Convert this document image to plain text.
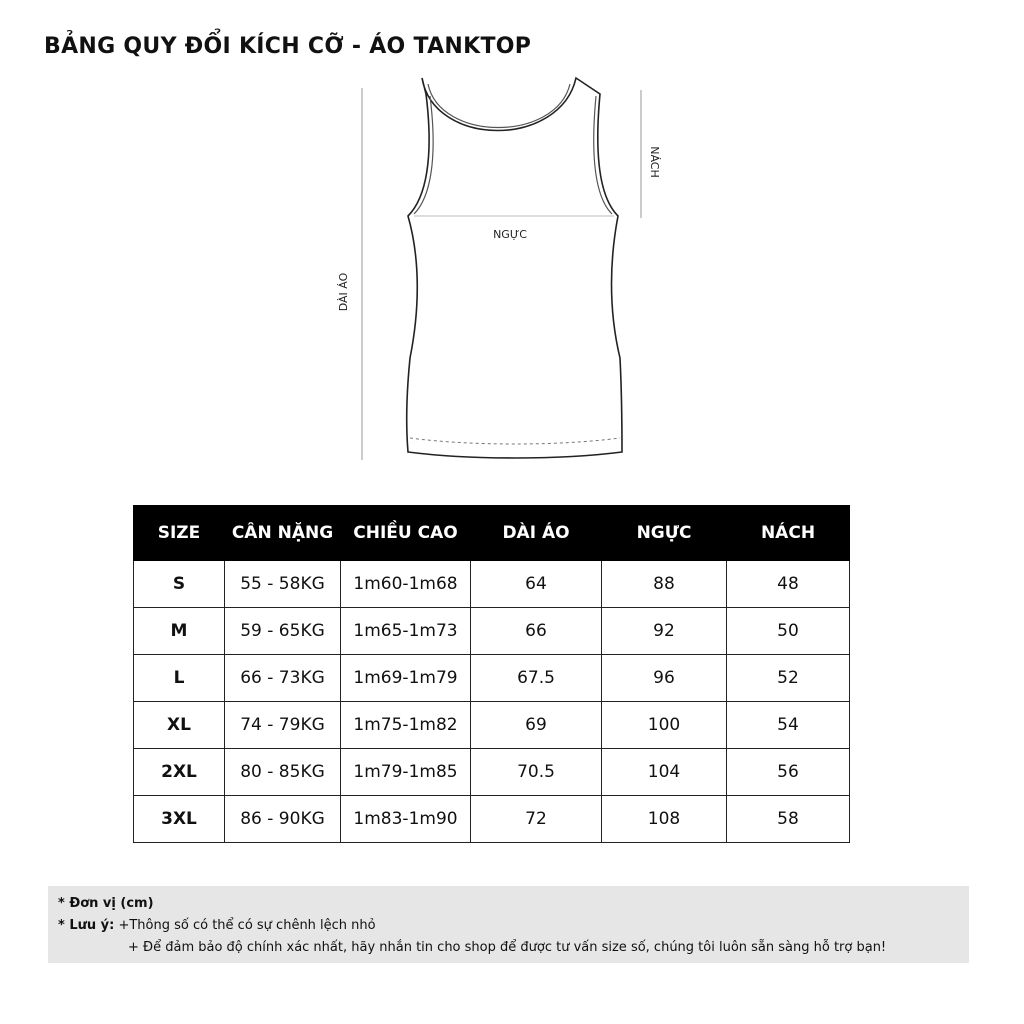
BẢNG QUY ĐỔI KÍCH CỠ - ÁO TANKTOP
DÀI ÁO
NÁCH
NGỰC
SIZE	CÂN NẶNG	CHIỀU CAO	DÀI ÁO	NGỰC	NÁCH
S	55 - 58KG	1m60-1m68	64	88	48
M	59 - 65KG	1m65-1m73	66	92	50
L	66 - 73KG	1m69-1m79	67.5	96	52
XL	74 - 79KG	1m75-1m82	69	100	54
2XL	80 - 85KG	1m79-1m85	70.5	104	56
3XL	86 - 90KG	1m83-1m90	72	108	58
* Đơn vị (cm)
* Lưu ý: +Thông số có thể có sự chênh lệch nhỏ
+ Để đảm bảo độ chính xác nhất, hãy nhắn tin cho shop để được tư vấn size số, chúng tôi luôn sẵn sàng hỗ trợ bạn!
